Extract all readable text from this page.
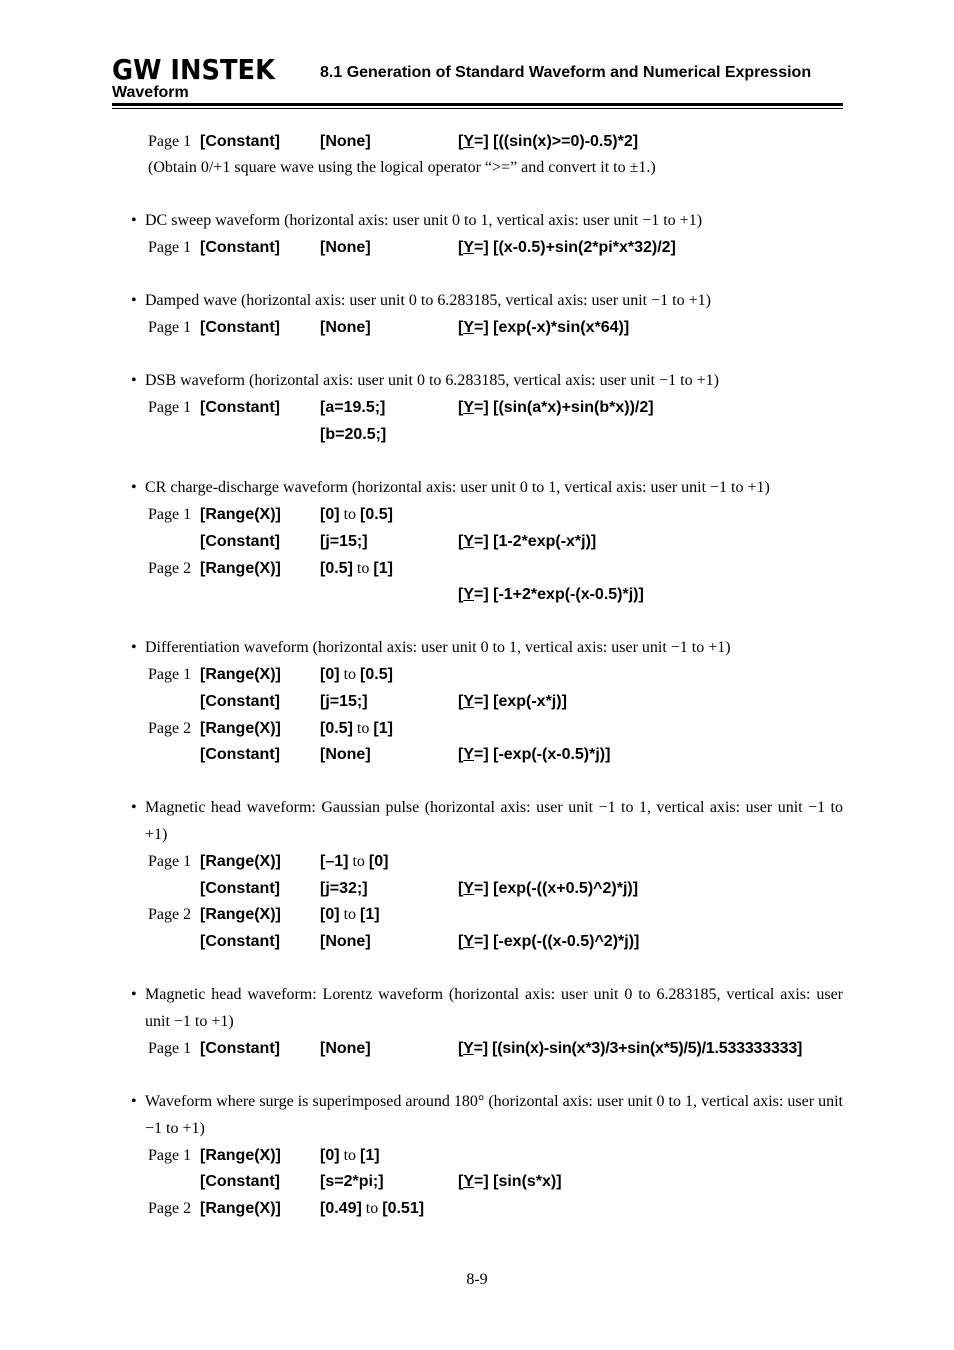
GW INSTEK	8.1 Generation of Standard Waveform and Numerical Expression
Waveform
Page 1 [Constant]	[None]	[Y=] [((sin(x)>=0)-0.5)*2]
(Obtain 0/+1 square wave using the logical operator “>=” and convert it to ±1.)
• DC sweep waveform (horizontal axis: user unit 0 to 1, vertical axis: user unit −1 to +1)
Page 1 [Constant]	[None]	[Y=] [(x-0.5)+sin(2*pi*x*32)/2]
• Damped wave (horizontal axis: user unit 0 to 6.283185, vertical axis: user unit −1 to +1)
Page 1 [Constant]	[None]	[Y=] [exp(-x)*sin(x*64)]
• DSB waveform (horizontal axis: user unit 0 to 6.283185, vertical axis: user unit −1 to +1)
Page 1 [Constant]	[a=19.5;]	[Y=] [(sin(a*x)+sin(b*x))/2]
[b=20.5;]
• CR charge-discharge waveform (horizontal axis: user unit 0 to 1, vertical axis: user unit −1 to +1)
Page 1 [Range(X)] [0] to [0.5]
[Constant]	[j=15;]	[Y=] [1-2*exp(-x*j)]
Page 2 [Range(X)] [0.5] to [1]
[Y=] [-1+2*exp(-(x-0.5)*j)]
• Differentiation waveform (horizontal axis: user unit 0 to 1, vertical axis: user unit −1 to +1)
Page 1 [Range(X)] [0] to [0.5]
[Constant]	[j=15;]	[Y=] [exp(-x*j)]
Page 2 [Range(X)] [0.5] to [1]
[Constant]	[None]	[Y=] [-exp(-(x-0.5)*j)]
• Magnetic head waveform: Gaussian pulse (horizontal axis: user unit −1 to 1, vertical axis: user unit −1 to +1)
Page 1 [Range(X)] [–1] to [0]
[Constant]	[j=32;]	[Y=] [exp(-((x+0.5)^2)*j)]
Page 2 [Range(X)] [0] to [1]
[Constant]	[None]	[Y=] [-exp(-((x-0.5)^2)*j)]
• Magnetic head waveform: Lorentz waveform (horizontal axis: user unit 0 to 6.283185, vertical axis: user unit −1 to +1)
Page 1 [Constant]	[None]	[Y=] [(sin(x)-sin(x*3)/3+sin(x*5)/5)/1.533333333]
• Waveform where surge is superimposed around 180° (horizontal axis: user unit 0 to 1, vertical axis: user unit −1 to +1)
Page 1 [Range(X)] [0] to [1]
[Constant]	[s=2*pi;]	[Y=] [sin(s*x)]
Page 2 [Range(X)] [0.49] to [0.51]
8-9
